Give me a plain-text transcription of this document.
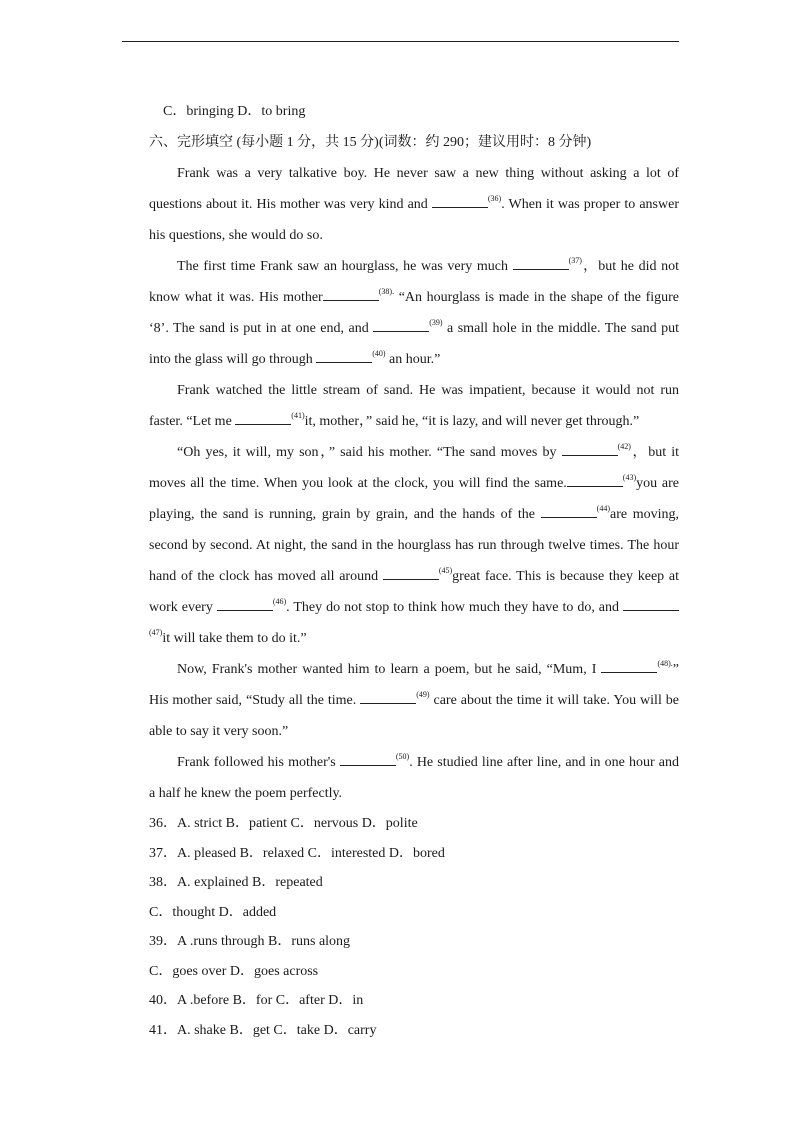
C．bringing D．to bring
六、完形填空 (每小题 1 分，共 15 分)(词数：约 290；建议用时：8 分钟)

Frank was a very talkative boy. He never saw a new thing without asking a lot of questions about it. His mother was very kind and	$^{(36)}$. When it was proper to answer his questions, she would do so.

The first time Frank saw an hourglass, he was very much	$^{(37)}$，but he did not know what it was. His mother	$^{(38).}$ “An hourglass is made in the shape of the figure ‘8’. The sand is put in at one end, and	$^{(39)}$ a small hole in the middle. The sand put into the glass will go through	$^{(40)}$ an hour.”

Frank watched the little stream of sand. He was impatient, because it would not run faster. “Let me	$^{(41)}$it, mother，” said he, “it is lazy, and will never get through.”

“Oh yes, it will, my son，” said his mother. “The sand moves by	$^{(42)}$，but it moves all the time. When you look at the clock, you will find the same.	$^{(43)}$you are playing, the sand is running, grain by grain, and the hands of the	$^{(44)}$are moving, second by second. At night, the sand in the hourglass has run through twelve times. The hour hand of the clock has moved all around	$^{(45)}$great face. This is because they keep at work every	$^{(46)}$. They do not stop to think how much they have to do, and $^{(47)}$it will take them to do it.”

Now, Frank's mother wanted him to learn a poem, but he said, “Mum, I	$^{(48).}$” His mother said, “Study all the time.	$^{(49)}$ care about the time it will take. You will be able to say it very soon.”

Frank followed his mother's	$^{(50)}$. He studied line after line, and in one hour and a half he knew the poem perfectly.

36．A. strict B．patient C．nervous D．polite
37．A. pleased B．relaxed C．interested D．bored
38．A. explained B．repeated
C．thought D．added
39．A .runs through B．runs along
C．goes over D．goes across
40．A .before B．for C．after D．in
41．A. shake B．get C．take D．carry
